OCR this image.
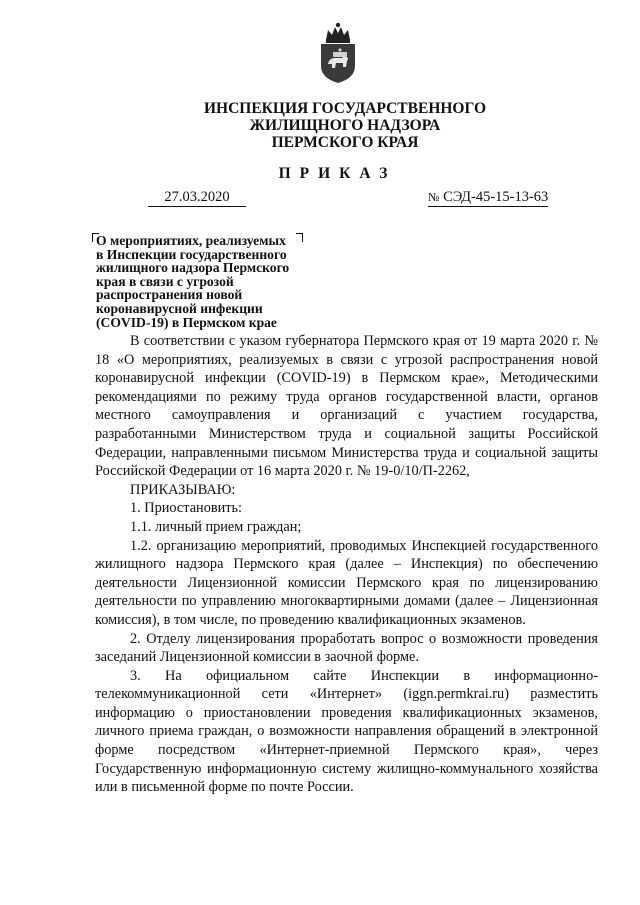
ИНСПЕКЦИЯ ГОСУДАРСТВЕННОГО
ЖИЛИЩНОГО НАДЗОРА
ПЕРМСКОГО КРАЯ
ПРИКАЗ
27.03.2020	№ СЭД-45-15-13-63
О мероприятиях, реализуемых
в Инспекции государственного
жилищного надзора Пермского
края в связи с угрозой
распространения новой
коронавирусной инфекции
(COVID-19) в Пермском крае

В соответствии с указом губернатора Пермского края от 19 марта 2020 г. № 18 «О мероприятиях, реализуемых в связи с угрозой распространения новой коронавирусной инфекции (COVID-19) в Пермском крае», Методическими рекомендациями по режиму труда органов государственной власти, органов местного самоуправления и организаций с участием государства, разработанными Министерством труда и социальной защиты Российской Федерации, направленными письмом Министерства труда и социальной защиты Российской Федерации от 16 марта 2020 г. № 19-0/10/П-2262,

ПРИКАЗЫВАЮ:

1. Приостановить:

1.1. личный прием граждан;

1.2. организацию мероприятий, проводимых Инспекцией государственного жилищного надзора Пермского края (далее – Инспекция) по обеспечению деятельности Лицензионной комиссии Пермского края по лицензированию деятельности по управлению многоквартирными домами (далее – Лицензионная комиссия), в том числе, по проведению квалификационных экзаменов.

2. Отделу лицензирования проработать вопрос о возможности проведения заседаний Лицензионной комиссии в заочной форме.

3. На официальном сайте Инспекции в информационно-телекоммуникационной сети «Интернет» (iggn.permkrai.ru) разместить информацию о приостановлении проведения квалификационных экзаменов, личного приема граждан, о возможности направления обращений в электронной форме посредством «Интернет-приемной Пермского края», через Государственную информационную систему жилищно-коммунального хозяйства или в письменной форме по почте России.
